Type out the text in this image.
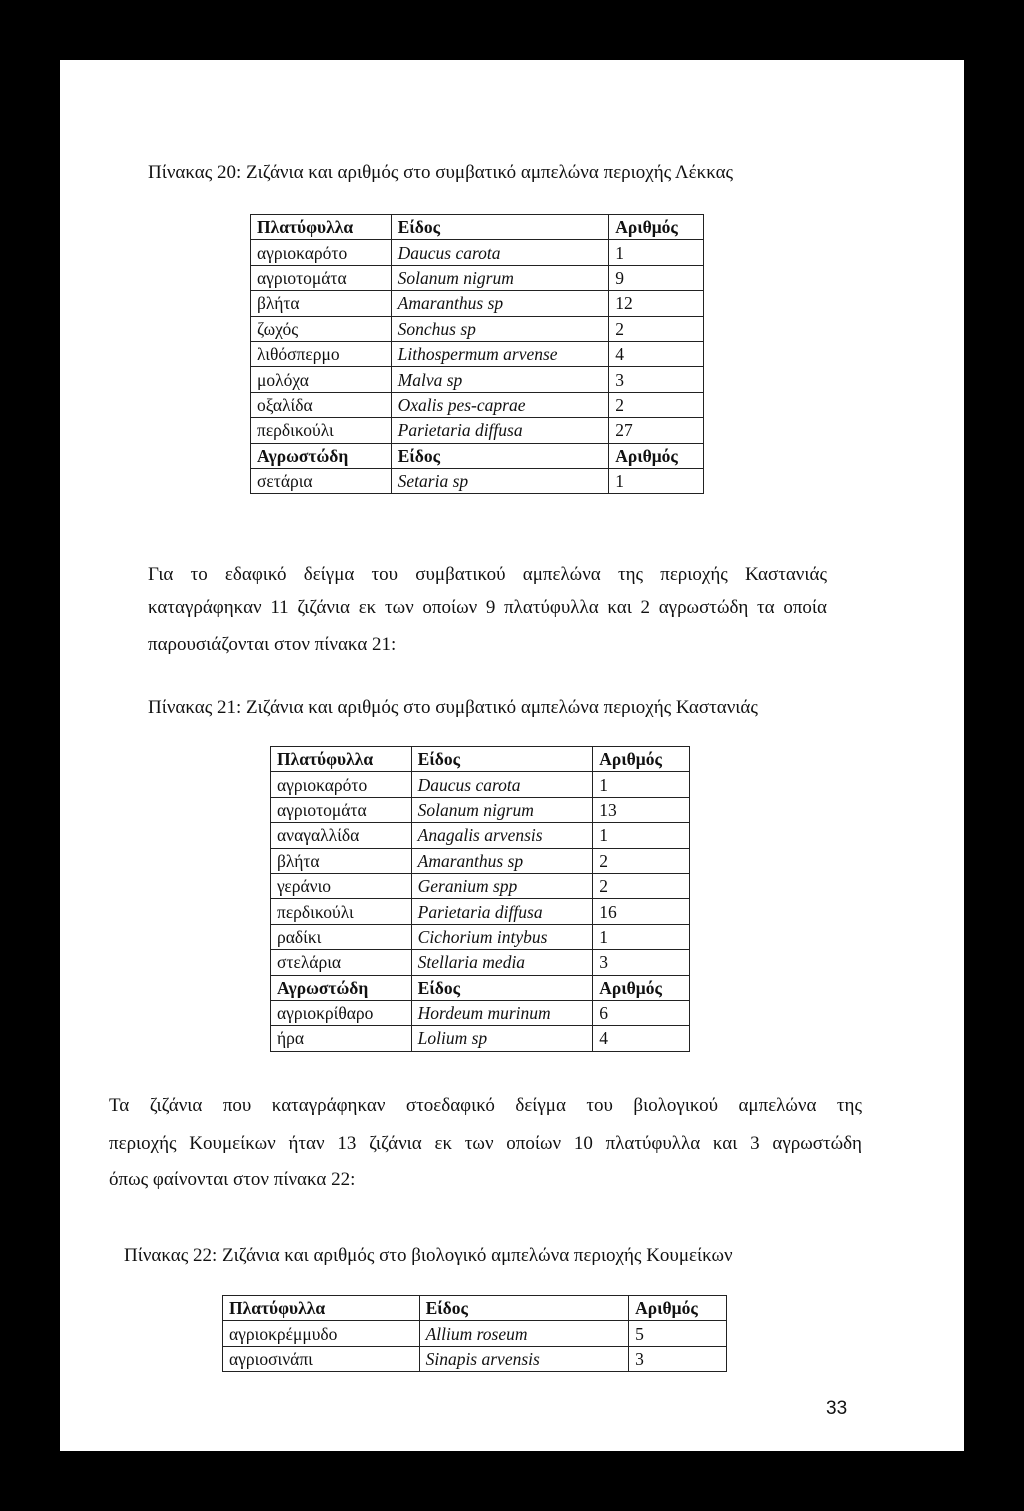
Πίνακας 20: Ζιζάνια και αριθμός στο συμβατικό αμπελώνα περιοχής Λέκκας
Πλατύφυλλα	Είδος	Αριθμός
αγριοκαρότο	Daucus carota	1
αγριοτομάτα	Solanum nigrum	9
βλήτα	Amaranthus sp	12
ζωχός	Sonchus sp	2
λιθόσπερμο	Lithospermum arvense	4
μολόχα	Malva sp	3
οξαλίδα	Oxalis pes-caprae	2
περδικούλι	Parietaria diffusa	27
Αγρωστώδη	Είδος	Αριθμός
σετάρια	Setaria sp	1
Για το εδαφικό δείγμα του συμβατικού αμπελώνα της περιοχής Καστανιάς
καταγράφηκαν 11 ζιζάνια εκ των οποίων 9 πλατύφυλλα και 2 αγρωστώδη τα οποία
παρουσιάζονται στον πίνακα 21:
Πίνακας 21: Ζιζάνια και αριθμός στο συμβατικό αμπελώνα περιοχής Καστανιάς
Πλατύφυλλα	Είδος	Αριθμός
αγριοκαρότο	Daucus carota	1
αγριοτομάτα	Solanum nigrum	13
αναγαλλίδα	Anagalis arvensis	1
βλήτα	Amaranthus sp	2
γεράνιο	Geranium spp	2
περδικούλι	Parietaria diffusa	16
ραδίκι	Cichorium intybus	1
στελάρια	Stellaria media	3
Αγρωστώδη	Είδος	Αριθμός
αγριοκρίθαρο	Hordeum murinum	6
ήρα	Lolium sp	4
Τα ζιζάνια που καταγράφηκαν στοεδαφικό δείγμα του βιολογικού αμπελώνα της
περιοχής Κουμείκων ήταν 13 ζιζάνια εκ των οποίων 10 πλατύφυλλα και 3 αγρωστώδη
όπως φαίνονται στον πίνακα 22:
Πίνακας 22: Ζιζάνια και αριθμός στο βιολογικό αμπελώνα περιοχής Κουμείκων
Πλατύφυλλα	Είδος	Αριθμός
αγριοκρέμμυδο	Allium roseum	5
αγριοσινάπι	Sinapis arvensis	3
33
